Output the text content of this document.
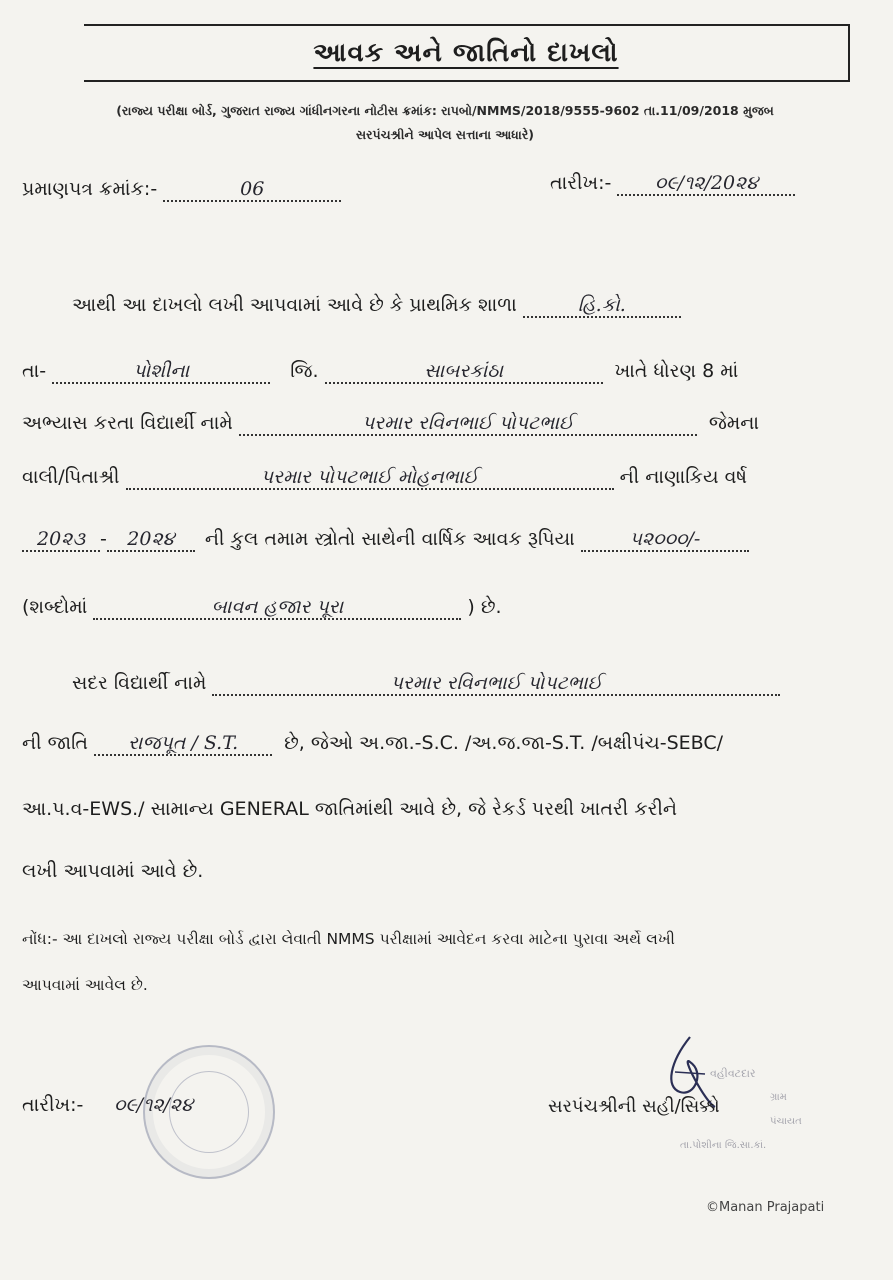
આવક અને જાતિનો દાખલો
(રાજ્ય પરીક્ષા બોર્ડ, ગુજરાત રાજ્ય ગાંધીનગરના નોટીસ ક્રમાંક: રાપબો/NMMS/2018/9555-9602 તા.11/09/2018 મુજબ
સરપંચશ્રીને આપેલ સત્તાના આધારે)
પ્રમાણપત્ર ક્રમાંક:-	06	તારીખ:- ૦૯/૧૨/20૨૪
આથી આ દાખલો લખી આપવામાં આવે છે કે પ્રાથમિક શાળા	હિ.કો.
તા-	પોશીના	જિ.	સાબરકાંઠા	ખાતે ધોરણ 8 માં
અભ્યાસ કરતા વિદ્યાર્થી નામે	પરમાર રવિનભાઈ પોપટભાઈ	જેમના
વાલી/પિતાશ્રી	પરમાર પોપટભાઈ મોહનભાઈ	ની નાણાકિય વર્ષ
20૨૩ - 20૨૪ ની કુલ તમામ સ્ત્રોતો સાથેની વાર્ષિક આવક રૂપિયા	૫૨૦૦૦/-
(શબ્દોમાં	બાવન હજાર પૂરા	) છે.
સદર વિદ્યાર્થી નામે	પરમાર રવિનભાઈ પોપટભાઈ
ની જાતિ રાજપૂત / S.T. છે, જેઓ અ.જા.-S.C. /અ.જ.જા-S.T. /બક્ષીપંચ-SEBC/
આ.પ.વ-EWS./ સામાન્ય GENERAL જાતિમાંથી આવે છે, જે રેકર્ડ પરથી ખાતરી કરીને
લખી આપવામાં આવે છે.
નોંધ:- આ દાખલો રાજ્ય પરીક્ષા બોર્ડ દ્વારા લેવાતી NMMS પરીક્ષામાં આવેદન કરવા માટેના પુરાવા અર્થે લખી
આપવામાં આવેલ છે.
વહીવટદાર
ગ્રામ પંચાયત
તા.પોશીના જિ.સા.કાં.
તારીખ:- ૦૯/૧૨/૨૪	સરપંચશ્રીની સહી/સિક્કો
©Manan Prajapati
